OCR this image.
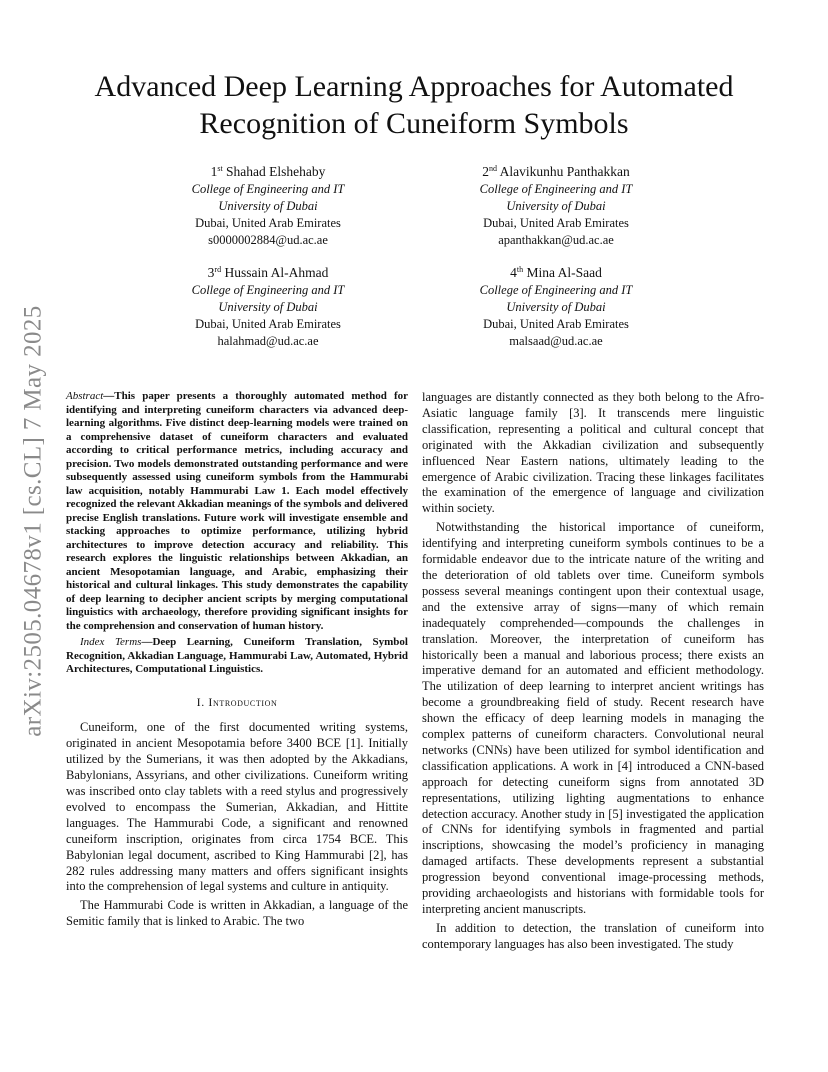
arXiv:2505.04678v1 [cs.CL] 7 May 2025
Advanced Deep Learning Approaches for Automated Recognition of Cuneiform Symbols
1st Shahad Elshehaby
College of Engineering and IT
University of Dubai
Dubai, United Arab Emirates
s0000002884@ud.ac.ae
2nd Alavikunhu Panthakkan
College of Engineering and IT
University of Dubai
Dubai, United Arab Emirates
apanthakkan@ud.ac.ae
3rd Hussain Al-Ahmad
College of Engineering and IT
University of Dubai
Dubai, United Arab Emirates
halahmad@ud.ac.ae
4th Mina Al-Saad
College of Engineering and IT
University of Dubai
Dubai, United Arab Emirates
malsaad@ud.ac.ae

Abstract—This paper presents a thoroughly automated method for identifying and interpreting cuneiform characters via advanced deep-learning algorithms. Five distinct deep-learning models were trained on a comprehensive dataset of cuneiform characters and evaluated according to critical performance metrics, including accuracy and precision. Two models demonstrated outstanding performance and were subsequently assessed using cuneiform symbols from the Hammurabi law acquisition, notably Hammurabi Law 1. Each model effectively recognized the relevant Akkadian meanings of the symbols and delivered precise English translations. Future work will investigate ensemble and stacking approaches to optimize performance, utilizing hybrid architectures to improve detection accuracy and reliability. This research explores the linguistic relationships between Akkadian, an ancient Mesopotamian language, and Arabic, emphasizing their historical and cultural linkages. This study demonstrates the capability of deep learning to decipher ancient scripts by merging computational linguistics with archaeology, therefore providing significant insights for the comprehension and conservation of human history.

Index Terms—Deep Learning, Cuneiform Translation, Symbol Recognition, Akkadian Language, Hammurabi Law, Automated, Hybrid Architectures, Computational Linguistics.

I. Introduction

Cuneiform, one of the first documented writing systems, originated in ancient Mesopotamia before 3400 BCE [1]. Initially utilized by the Sumerians, it was then adopted by the Akkadians, Babylonians, Assyrians, and other civilizations. Cuneiform writing was inscribed onto clay tablets with a reed stylus and progressively evolved to encompass the Sumerian, Akkadian, and Hittite languages. The Hammurabi Code, a significant and renowned cuneiform inscription, originates from circa 1754 BCE. This Babylonian legal document, ascribed to King Hammurabi [2], has 282 rules addressing many matters and offers significant insights into the comprehension of legal systems and culture in antiquity.

The Hammurabi Code is written in Akkadian, a language of the Semitic family that is linked to Arabic. The two

languages are distantly connected as they both belong to the Afro-Asiatic language family [3]. It transcends mere linguistic classification, representing a political and cultural concept that originated with the Akkadian civilization and subsequently influenced Near Eastern nations, ultimately leading to the emergence of Arabic civilization. Tracing these linkages facilitates the examination of the emergence of language and civilization within society.

Notwithstanding the historical importance of cuneiform, identifying and interpreting cuneiform symbols continues to be a formidable endeavor due to the intricate nature of the writing and the deterioration of old tablets over time. Cuneiform symbols possess several meanings contingent upon their contextual usage, and the extensive array of signs—many of which remain inadequately comprehended—compounds the challenges in translation. Moreover, the interpretation of cuneiform has historically been a manual and laborious process; there exists an imperative demand for an automated and efficient methodology. The utilization of deep learning to interpret ancient writings has become a groundbreaking field of study. Recent research have shown the efficacy of deep learning models in managing the complex patterns of cuneiform characters. Convolutional neural networks (CNNs) have been utilized for symbol identification and classification applications. A work in [4] introduced a CNN-based approach for detecting cuneiform signs from annotated 3D representations, utilizing lighting augmentations to enhance detection accuracy. Another study in [5] investigated the application of CNNs for identifying symbols in fragmented and partial inscriptions, showcasing the model’s proficiency in managing damaged artifacts. These developments represent a substantial progression beyond conventional image-processing methods, providing archaeologists and historians with formidable tools for interpreting ancient manuscripts.

In addition to detection, the translation of cuneiform into contemporary languages has also been investigated. The study
